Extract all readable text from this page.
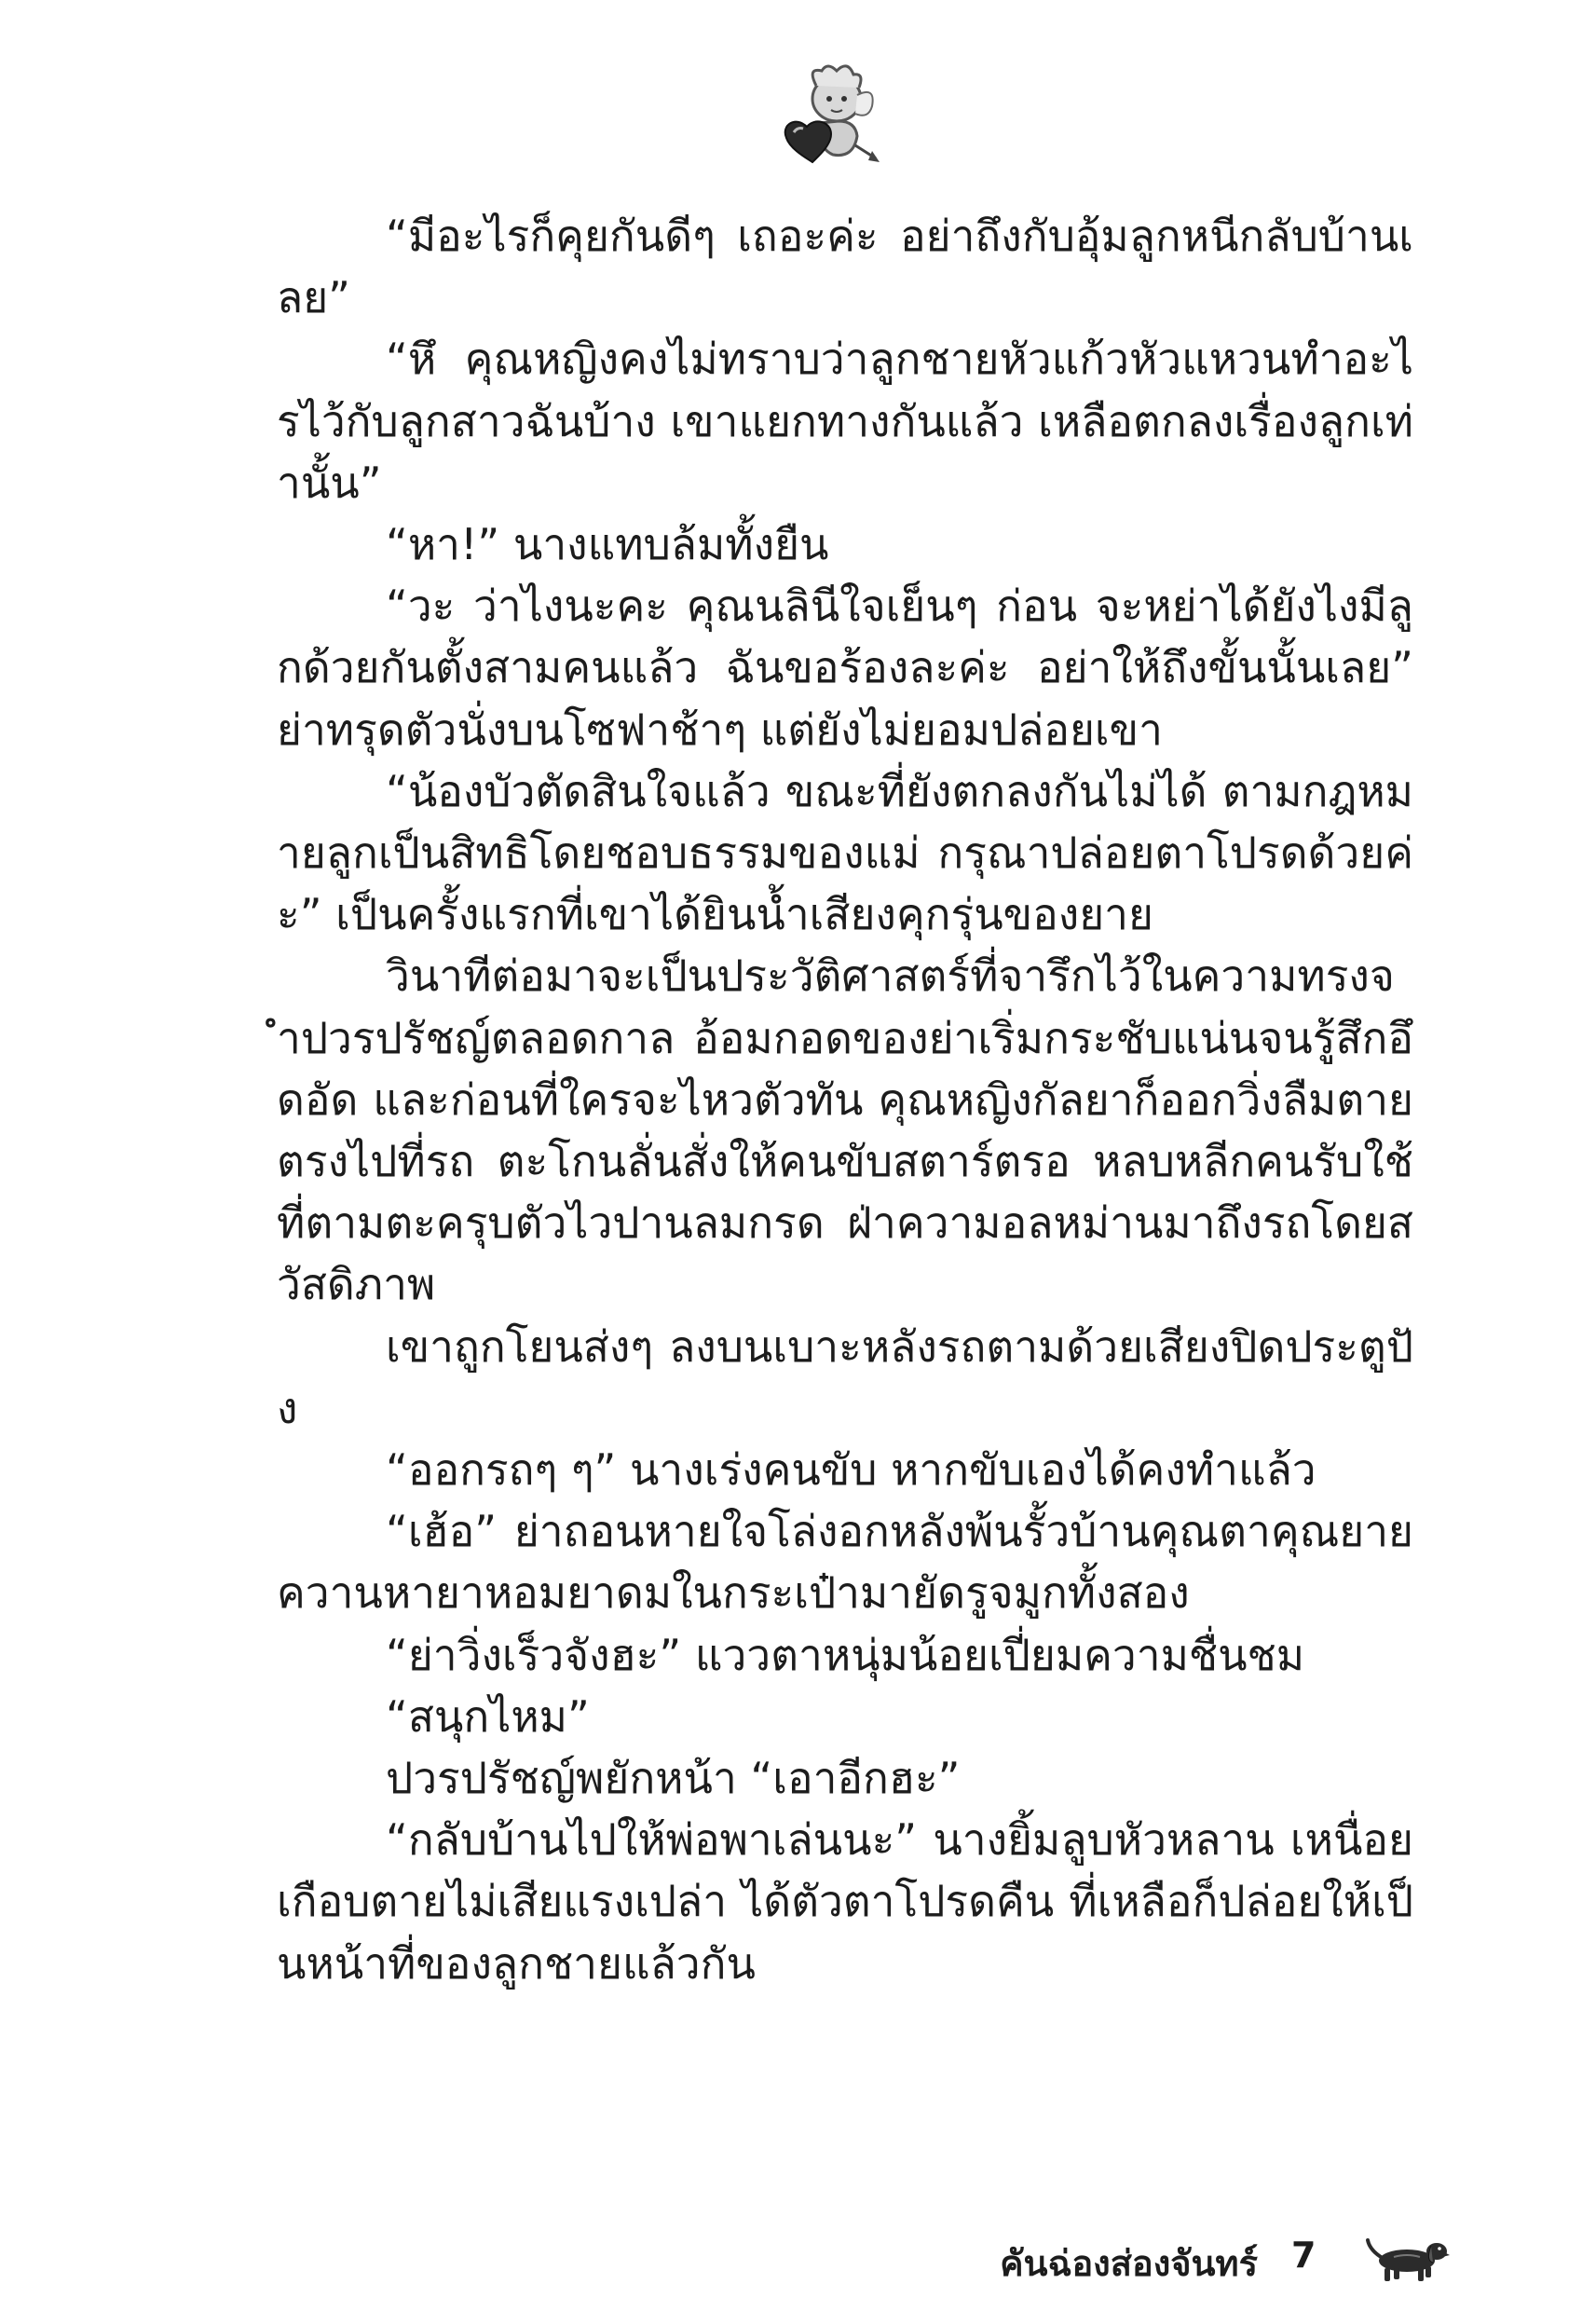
“มีอะไรก็คุยกันดีๆ เถอะค่ะ อย่าถึงกับอุ้มลูกหนีกลับบ้านเลย”

“หึ คุณหญิงคงไม่ทราบว่าลูกชายหัวแก้วหัวแหวนทำอะไรไว้กับลูกสาวฉันบ้าง เขาแยกทางกันแล้ว เหลือตกลงเรื่องลูกเท่านั้น”

“หา!” นางแทบล้มทั้งยืน

“วะ ว่าไงนะคะ คุณนลินีใจเย็นๆ ก่อน จะหย่าได้ยังไงมีลูกด้วยกันตั้งสามคนแล้ว ฉันขอร้องละค่ะ อย่าให้ถึงขั้นนั้นเลย” ย่าทรุดตัวนั่งบนโซฟาช้าๆ แต่ยังไม่ยอมปล่อยเขา

“น้องบัวตัดสินใจแล้ว ขณะที่ยังตกลงกันไม่ได้ ตามกฎหมายลูกเป็นสิทธิโดยชอบธรรมของแม่ กรุณาปล่อยตาโปรดด้วยค่ะ” เป็นครั้งแรกที่เขาได้ยินน้ำเสียงคุกรุ่นของยาย

วินาทีต่อมาจะเป็นประวัติศาสตร์ที่จารึกไว้ในความทรงจำปวรปรัชญ์ตลอดกาล อ้อมกอดของย่าเริ่มกระชับแน่นจนรู้สึกอึดอัด และก่อนที่ใครจะไหวตัวทัน คุณหญิงกัลยาก็ออกวิ่งลืมตายตรงไปที่รถ ตะโกนลั่นสั่งให้คนขับสตาร์ตรอ หลบหลีกคนรับใช้ที่ตามตะครุบตัวไวปานลมกรด ฝ่าความอลหม่านมาถึงรถโดยสวัสดิภาพ

เขาถูกโยนส่งๆ ลงบนเบาะหลังรถตามด้วยเสียงปิดประตูปัง

“ออกรถๆ ๆ” นางเร่งคนขับ หากขับเองได้คงทำแล้ว

“เฮ้อ” ย่าถอนหายใจโล่งอกหลังพ้นรั้วบ้านคุณตาคุณยายควานหายาหอมยาดมในกระเป๋ามายัดรูจมูกทั้งสอง

“ย่าวิ่งเร็วจังฮะ” แววตาหนุ่มน้อยเปี่ยมความชื่นชม

“สนุกไหม”

ปวรปรัชญ์พยักหน้า “เอาอีกฮะ”

“กลับบ้านไปให้พ่อพาเล่นนะ” นางยิ้มลูบหัวหลาน เหนื่อยเกือบตายไม่เสียแรงเปล่า ได้ตัวตาโปรดคืน ที่เหลือก็ปล่อยให้เป็นหน้าที่ของลูกชายแล้วกัน

คันฉ่องส่องจันทร์ 7
